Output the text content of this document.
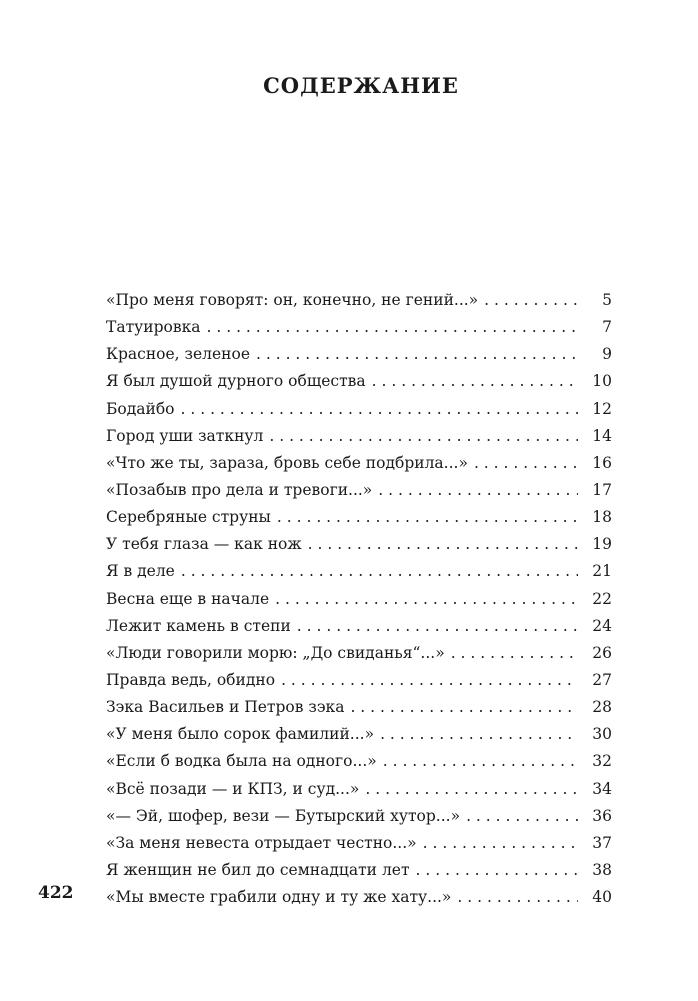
СОДЕРЖАНИЕ
«Про меня говорят: он, конечно, не гений...» . . .	5
Татуировка . . .	7
Красное, зеленое . . .	9
Я был душой дурного общества . . .	10
Бодайбо . . .	12
Город уши заткнул . . .	14
«Что же ты, зараза, бровь себе подбрила...» . . .	16
«Позабыв про дела и тревоги...» . . .	17
Серебряные струны . . .	18
У тебя глаза — как нож . . .	19
Я в деле . . .	21
Весна еще в начале . . .	22
Лежит камень в степи . . .	24
«Люди говорили морю: „До свиданья“...» . . .	26
Правда ведь, обидно . . .	27
Зэка Васильев и Петров зэка . . .	28
«У меня было сорок фамилий...» . . .	30
«Если б водка была на одного...» . . .	32
«Всё позади — и КПЗ, и суд...» . . .	34
«— Эй, шофер, вези — Бутырский хутор...» . . .	36
«За меня невеста отрыдает честно...» . . .	37
Я женщин не бил до семнадцати лет . . .	38
«Мы вместе грабили одну и ту же хату...» . . .	40
422
